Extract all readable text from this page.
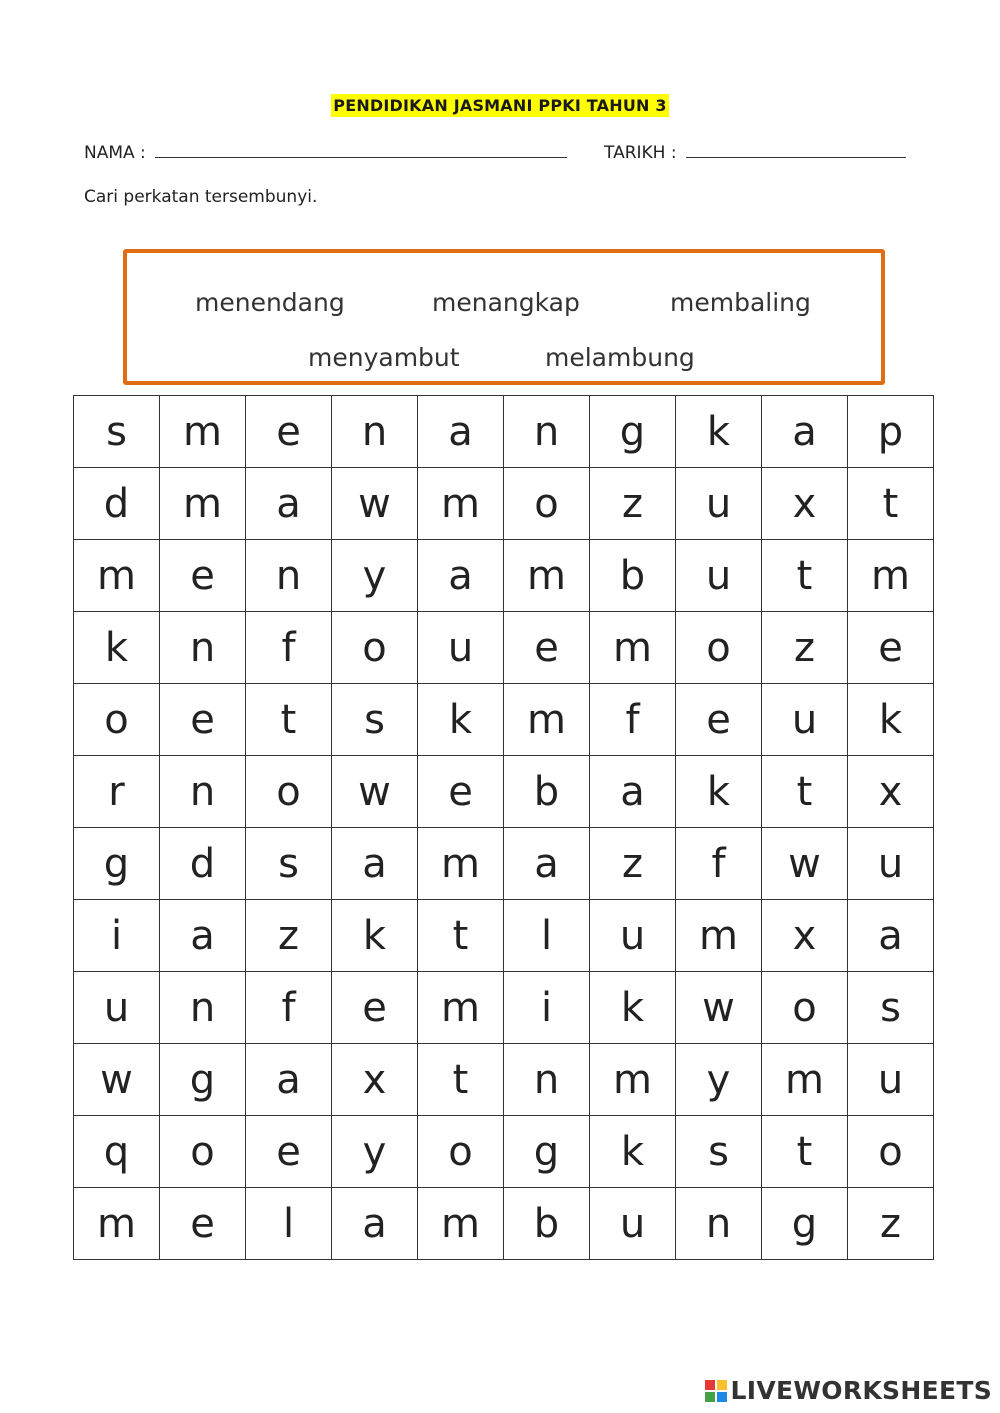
PENDIDIKAN JASMANI PPKI TAHUN 3
NAMA :	TARIKH :
Cari perkatan tersembunyi.
menendang	menangkap	membaling
menyambut	melambung
s	m	e	n	a	n	g	k	a	p
d	m	a	w	m	o	z	u	x	t
m	e	n	y	a	m	b	u	t	m
k	n	f	o	u	e	m	o	z	e
o	e	t	s	k	m	f	e	u	k
r	n	o	w	e	b	a	k	t	x
g	d	s	a	m	a	z	f	w	u
i	a	z	k	t	l	u	m	x	a
u	n	f	e	m	i	k	w	o	s
w	g	a	x	t	n	m	y	m	u
q	o	e	y	o	g	k	s	t	o
m	e	l	a	m	b	u	n	g	z
LIVEWORKSHEETS
